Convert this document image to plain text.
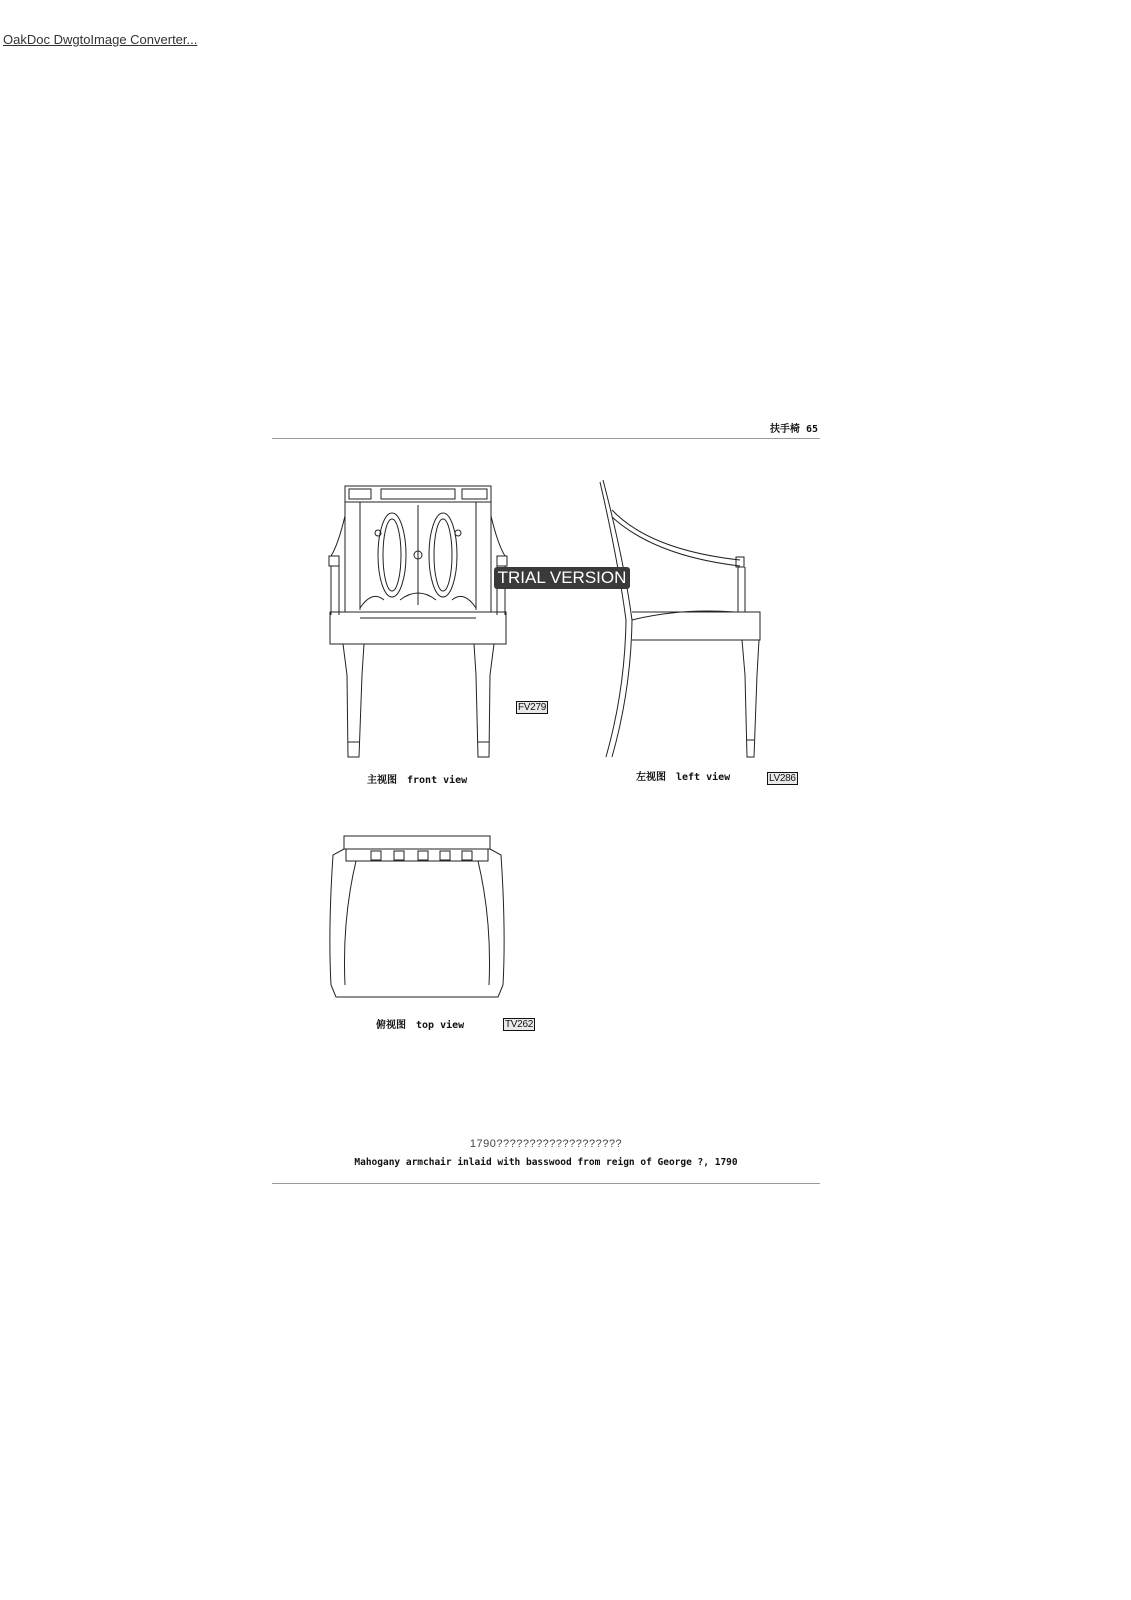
OakDoc DwgtoImage Converter...
扶手椅 65
TRIAL VERSION
主视图 front view
FV279
左视图 left view	LV286
俯视图 top view	TV262
1790???????????????????
Mahogany armchair inlaid with basswood from reign of George ?, 1790
